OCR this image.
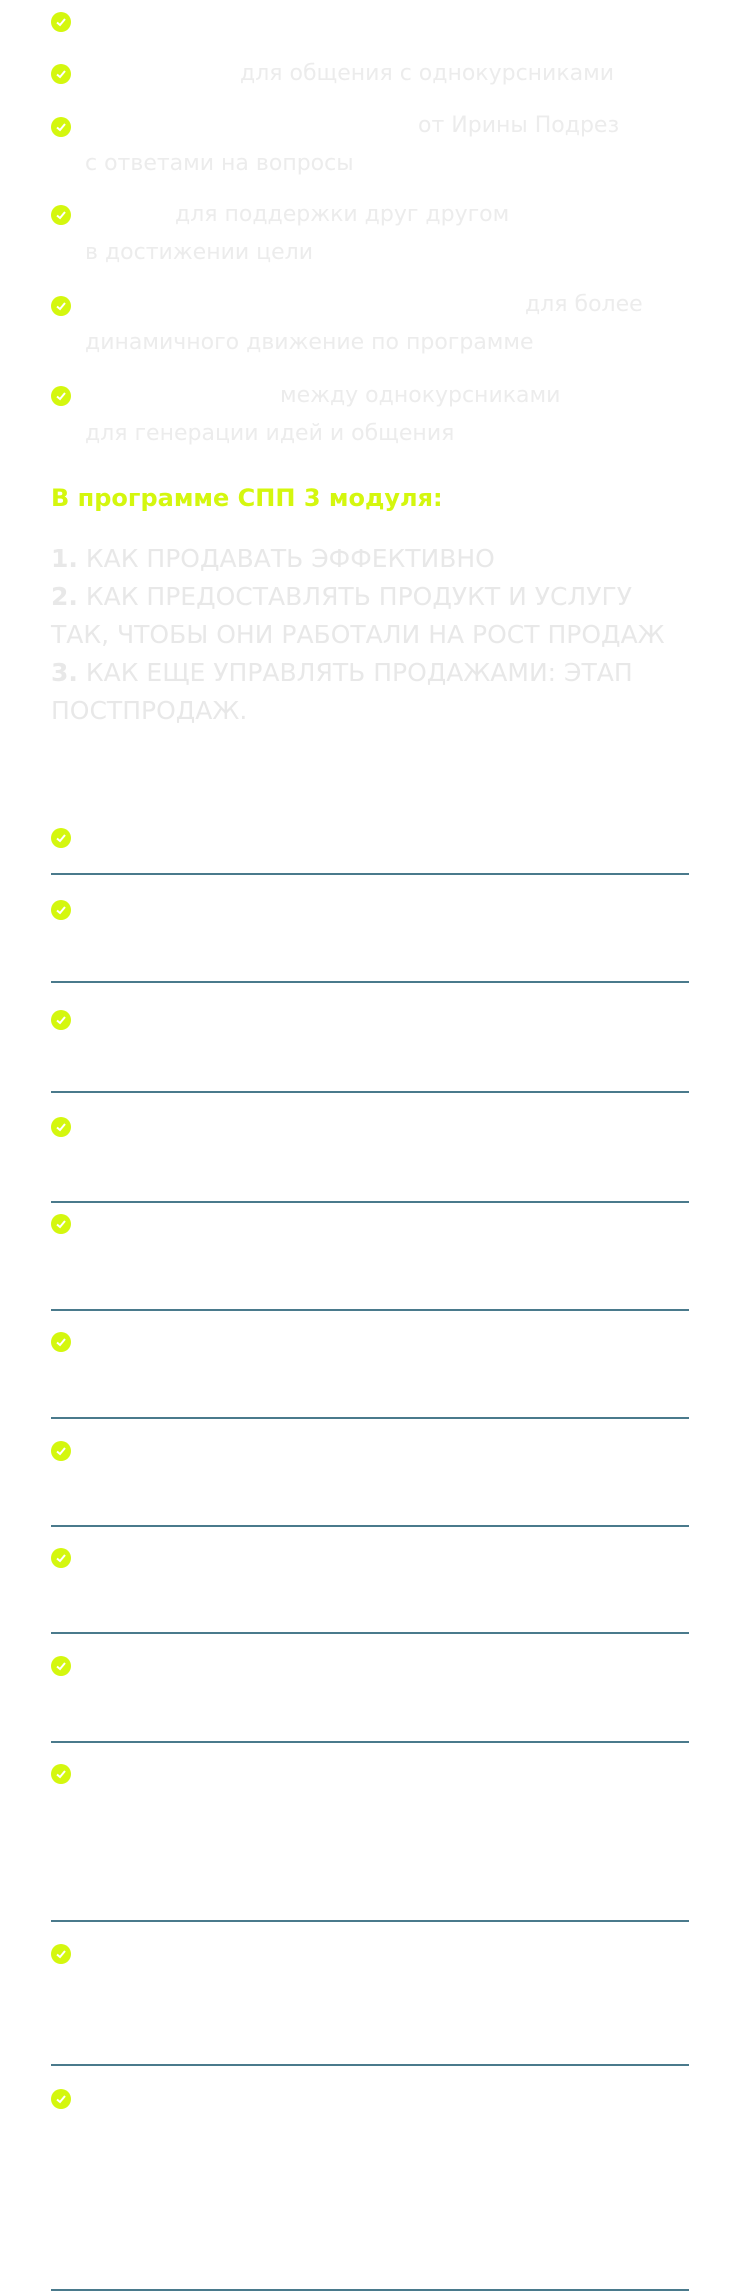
для общения с однокурсниками
от Ирины Подрез
с ответами на вопросы
для поддержки друг другом
в достижении цели
для более
динамичного движение по программе
между однокурсниками
для генерации идей и общения
В программе СПП 3 модуля:
1. КАК ПРОДАВАТЬ ЭФФЕКТИВНО
2. КАК ПРЕДОСТАВЛЯТЬ ПРОДУКТ И УСЛУГУ ТАК, ЧТОБЫ ОНИ РАБОТАЛИ НА РОСТ ПРОДАЖ
3. КАК ЕЩЕ УПРАВЛЯТЬ ПРОДАЖАМИ: ЭТАП ПОСТПРОДАЖ.
